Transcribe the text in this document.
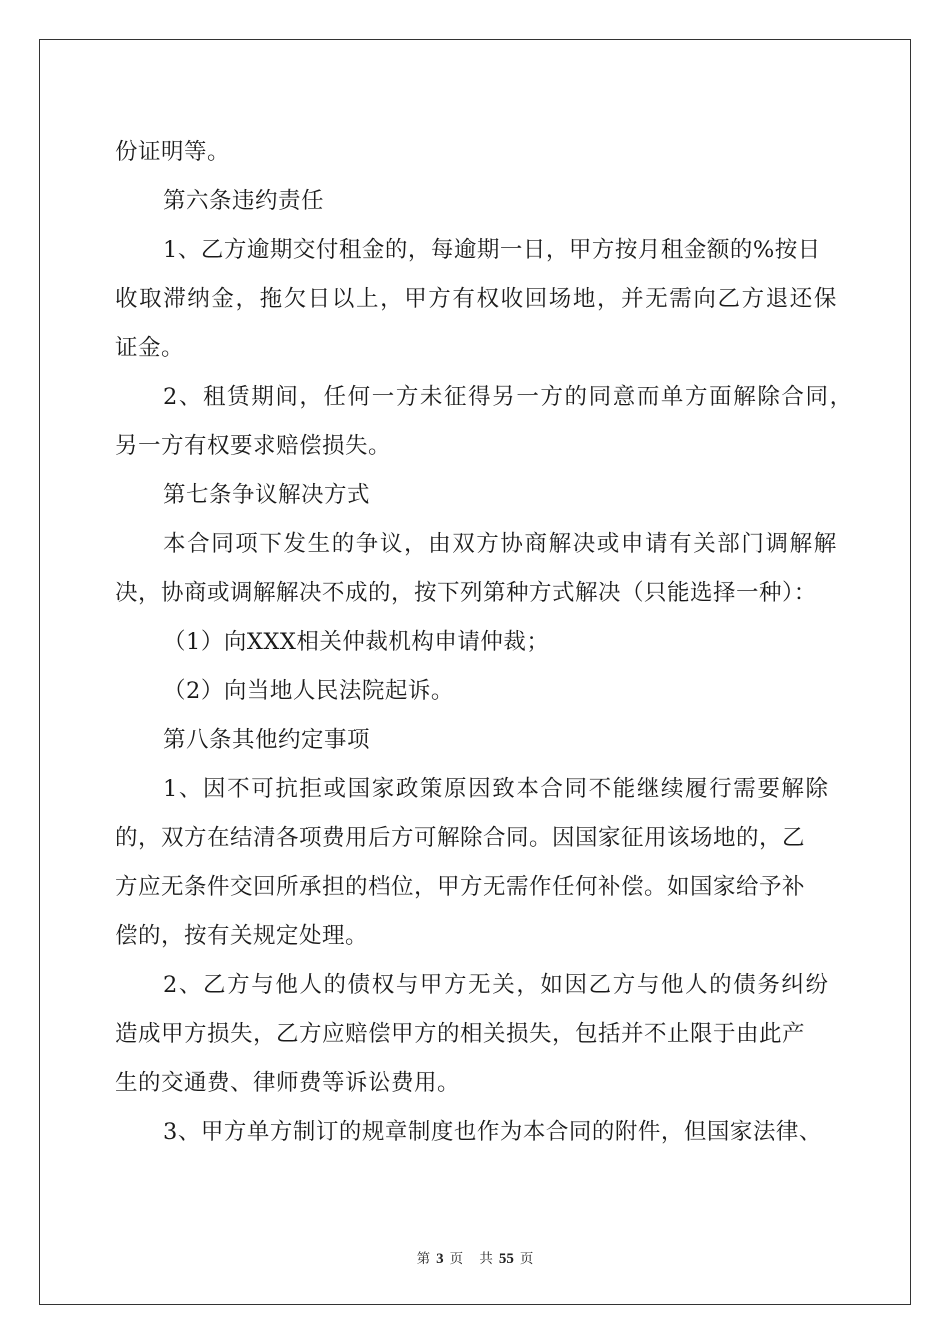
份证明等。
第六条违约责任
1、乙方逾期交付租金的，每逾期一日，甲方按月租金额的%按日
收取滞纳金，拖欠日以上，甲方有权收回场地，并无需向乙方退还保
证金。
2、租赁期间，任何一方未征得另一方的同意而单方面解除合同，
另一方有权要求赔偿损失。
第七条争议解决方式
本合同项下发生的争议，由双方协商解决或申请有关部门调解解
决，协商或调解解决不成的，按下列第种方式解决（只能选择一种）：
（1）向XXX相关仲裁机构申请仲裁；
（2）向当地人民法院起诉。
第八条其他约定事项
1、因不可抗拒或国家政策原因致本合同不能继续履行需要解除
的，双方在结清各项费用后方可解除合同。因国家征用该场地的，乙
方应无条件交回所承担的档位，甲方无需作任何补偿。如国家给予补
偿的，按有关规定处理。
2、乙方与他人的债权与甲方无关，如因乙方与他人的债务纠纷
造成甲方损失，乙方应赔偿甲方的相关损失，包括并不止限于由此产
生的交通费、律师费等诉讼费用。
3、甲方单方制订的规章制度也作为本合同的附件，但国家法律、
第 3 页 共 55 页
